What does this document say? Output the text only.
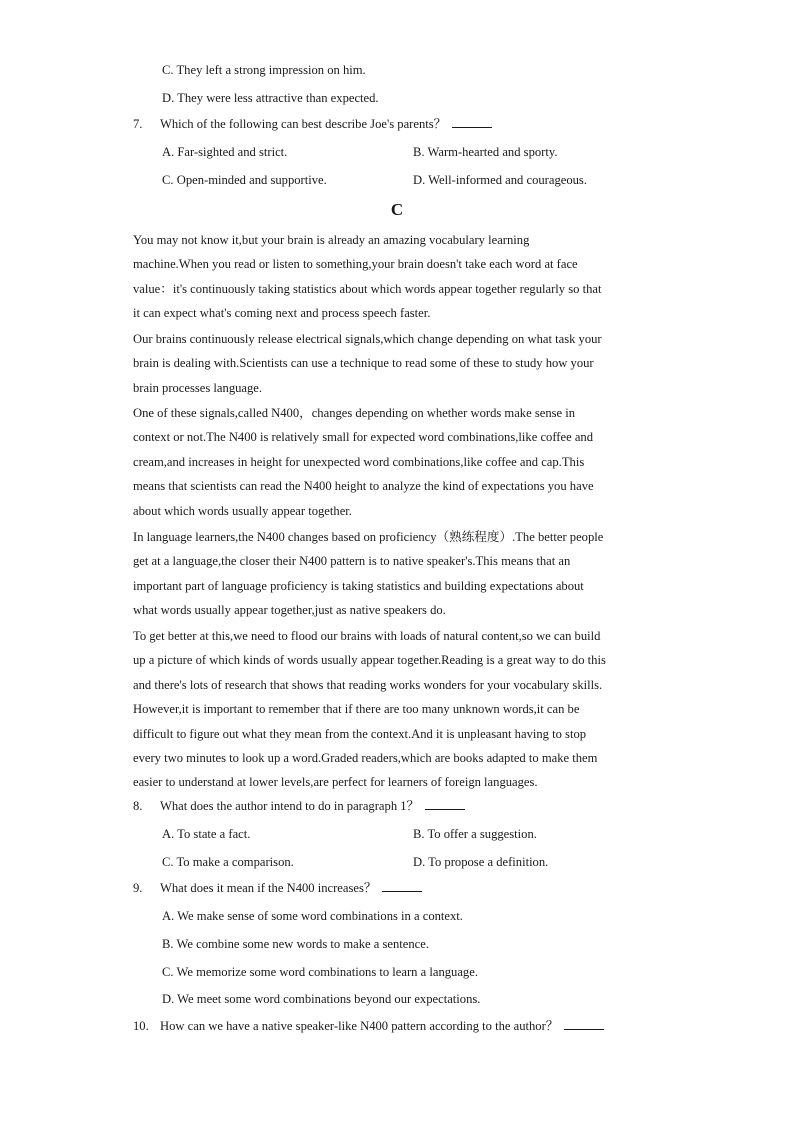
C. They left a strong impression on him.
D. They were less attractive than expected.
7. Which of the following can best describe Joe's parents？
A. Far-sighted and strict.	B. Warm-hearted and sporty.
C. Open-minded and supportive.	D. Well-informed and courageous.
C
You may not know it,but your brain is already an amazing vocabulary learning
machine.When you read or listen to something,your brain doesn't take each word at face
value：it's continuously taking statistics about which words appear together regularly so that
it can expect what's coming next and process speech faster.
Our brains continuously release electrical signals,which change depending on what task your
brain is dealing with.Scientists can use a technique to read some of these to study how your
brain processes language.
One of these signals,called N400，changes depending on whether words make sense in
context or not.The N400 is relatively small for expected word combinations,like coffee and
cream,and increases in height for unexpected word combinations,like coffee and cap.This
means that scientists can read the N400 height to analyze the kind of expectations you have
about which words usually appear together.
In language learners,the N400 changes based on proficiency（熟练程度）.The better people
get at a language,the closer their N400 pattern is to native speaker's.This means that an
important part of language proficiency is taking statistics and building expectations about
what words usually appear together,just as native speakers do.
To get better at this,we need to flood our brains with loads of natural content,so we can build
up a picture of which kinds of words usually appear together.Reading is a great way to do this
and there's lots of research that shows that reading works wonders for your vocabulary skills.
However,it is important to remember that if there are too many unknown words,it can be
difficult to figure out what they mean from the context.And it is unpleasant having to stop
every two minutes to look up a word.Graded readers,which are books adapted to make them
easier to understand at lower levels,are perfect for learners of foreign languages.
8. What does the author intend to do in paragraph 1？
A. To state a fact.	B. To offer a suggestion.
C. To make a comparison.	D. To propose a definition.
9. What does it mean if the N400 increases？
A. We make sense of some word combinations in a context.
B. We combine some new words to make a sentence.
C. We memorize some word combinations to learn a language.
D. We meet some word combinations beyond our expectations.
10. How can we have a native speaker-like N400 pattern according to the author？
